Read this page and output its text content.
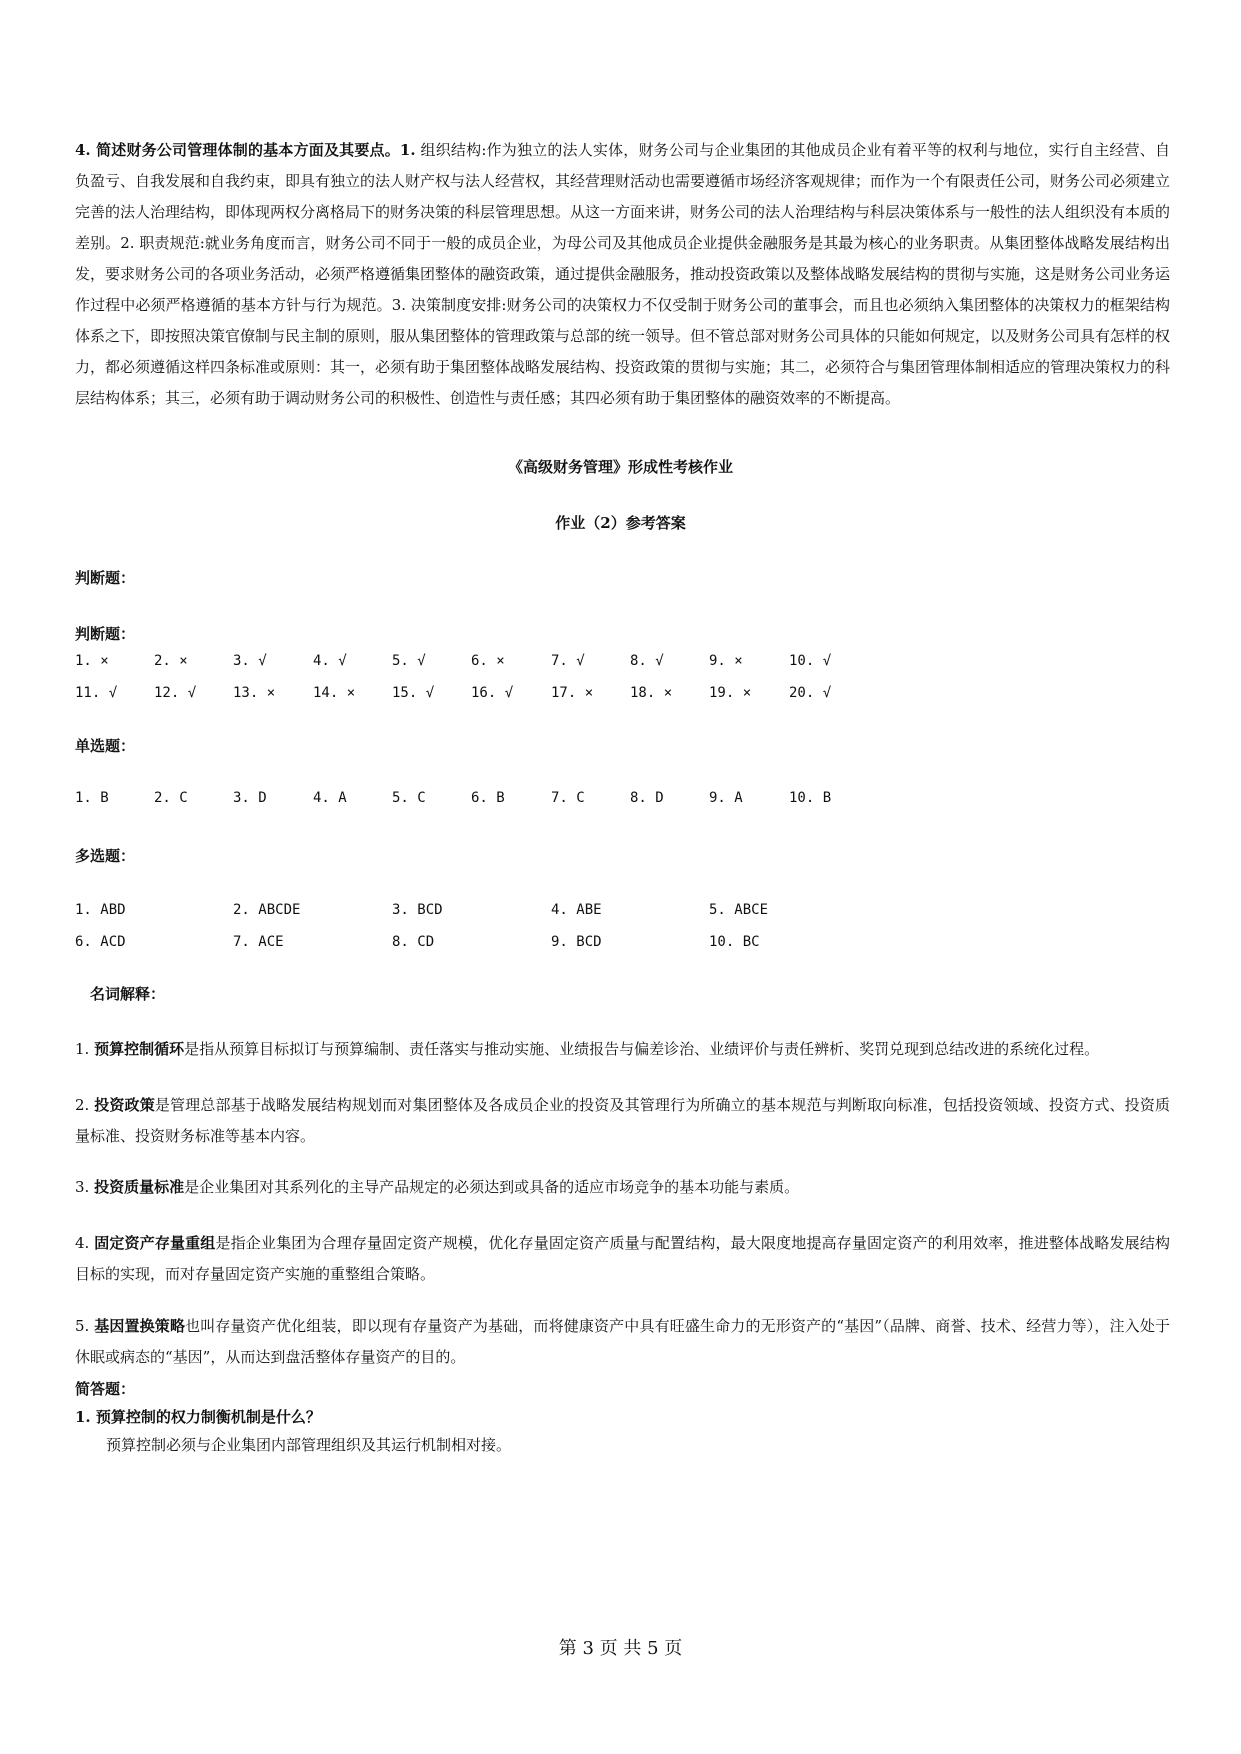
4. 简述财务公司管理体制的基本方面及其要点。1. 组织结构:作为独立的法人实体，财务公司与企业集团的其他成员企业有着平等的权利与地位，实行自主经营、自负盈亏、自我发展和自我约束，即具有独立的法人财产权与法人经营权，其经营理财活动也需要遵循市场经济客观规律；而作为一个有限责任公司，财务公司必须建立完善的法人治理结构，即体现两权分离格局下的财务决策的科层管理思想。从这一方面来讲，财务公司的法人治理结构与科层决策体系与一般性的法人组织没有本质的差别。2. 职责规范:就业务角度而言，财务公司不同于一般的成员企业，为母公司及其他成员企业提供金融服务是其最为核心的业务职责。从集团整体战略发展结构出发，要求财务公司的各项业务活动，必须严格遵循集团整体的融资政策，通过提供金融服务，推动投资政策以及整体战略发展结构的贯彻与实施，这是财务公司业务运作过程中必须严格遵循的基本方针与行为规范。3. 决策制度安排:财务公司的决策权力不仅受制于财务公司的董事会，而且也必须纳入集团整体的决策权力的框架结构体系之下，即按照决策官僚制与民主制的原则，服从集团整体的管理政策与总部的统一领导。但不管总部对财务公司具体的只能如何规定，以及财务公司具有怎样的权力，都必须遵循这样四条标准或原则：其一，必须有助于集团整体战略发展结构、投资政策的贯彻与实施；其二，必须符合与集团管理体制相适应的管理决策权力的科层结构体系；其三，必须有助于调动财务公司的积极性、创造性与责任感；其四必须有助于集团整体的融资效率的不断提高。
《高级财务管理》形成性考核作业
作业（2）参考答案
判断题：
判断题：
1. ×	2. ×	3. √	4. √	5. √	6. ×	7. √	8. √	9. ×	10. √
11. √	12. √	13. ×	14. ×	15. √	16. √	17. ×	18. ×	19. ×	20. √
单选题：
1. B	2. C	3. D	4. A	5. C	6. B	7. C	8. D	9. A	10. B
多选题：
1. ABD	2. ABCDE	3. BCD	4. ABE	5. ABCE
6. ACD	7. ACE	8. CD	9. BCD	10. BC
名词解释：
1. 预算控制循环是指从预算目标拟订与预算编制、责任落实与推动实施、业绩报告与偏差诊治、业绩评价与责任辨析、奖罚兑现到总结改进的系统化过程。
2. 投资政策是管理总部基于战略发展结构规划而对集团整体及各成员企业的投资及其管理行为所确立的基本规范与判断取向标准，包括投资领域、投资方式、投资质量标准、投资财务标准等基本内容。
3. 投资质量标准是企业集团对其系列化的主导产品规定的必须达到或具备的适应市场竞争的基本功能与素质。
4. 固定资产存量重组是指企业集团为合理存量固定资产规模，优化存量固定资产质量与配置结构，最大限度地提高存量固定资产的利用效率，推进整体战略发展结构目标的实现，而对存量固定资产实施的重整组合策略。
5. 基因置换策略也叫存量资产优化组装，即以现有存量资产为基础，而将健康资产中具有旺盛生命力的无形资产的“基因”（品牌、商誉、技术、经营力等），注入处于休眠或病态的“基因”，从而达到盘活整体存量资产的目的。
简答题：
1. 预算控制的权力制衡机制是什么？
预算控制必须与企业集团内部管理组织及其运行机制相对接。
第 3 页 共 5 页
